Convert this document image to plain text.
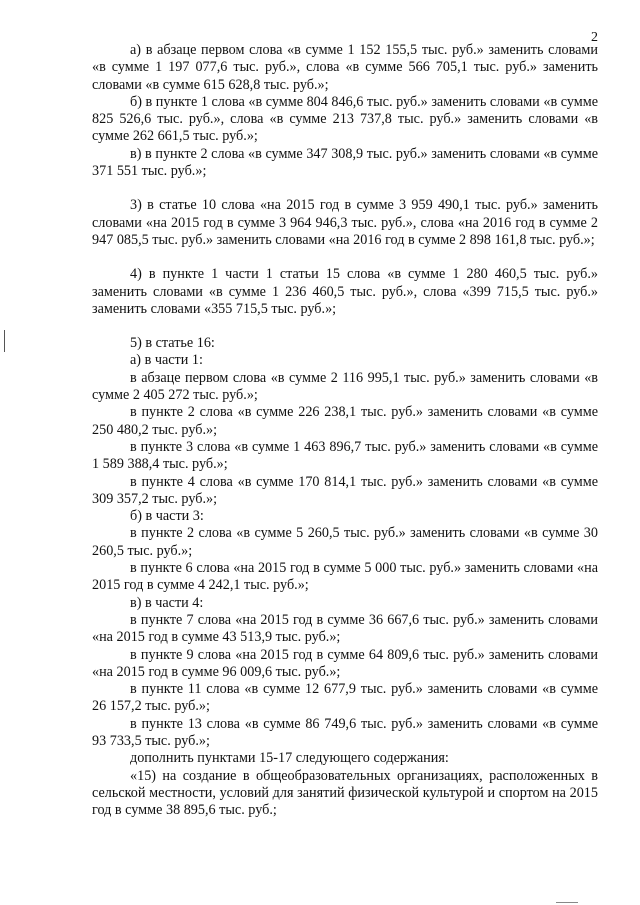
2

а) в абзаце первом слова «в сумме 1 152 155,5 тыс. руб.» заменить словами «в сумме 1 197 077,6 тыс. руб.», слова «в сумме 566 705,1 тыс. руб.» заменить словами «в сумме 615 628,8 тыс. руб.»;

б) в пункте 1 слова «в сумме 804 846,6 тыс. руб.» заменить словами «в сумме 825 526,6 тыс. руб.», слова «в сумме 213 737,8 тыс. руб.» заменить словами «в сумме 262 661,5 тыс. руб.»;

в) в пункте 2 слова «в сумме 347 308,9 тыс. руб.» заменить словами «в сумме 371 551 тыс. руб.»;

3) в статье 10 слова «на 2015 год в сумме 3 959 490,1 тыс. руб.» заменить словами «на 2015 год в сумме 3 964 946,3 тыс. руб.», слова «на 2016 год в сумме 2 947 085,5 тыс. руб.» заменить словами «на 2016 год в сумме 2 898 161,8 тыс. руб.»;

4) в пункте 1 части 1 статьи 15 слова «в сумме 1 280 460,5 тыс. руб.» заменить словами «в сумме 1 236 460,5 тыс. руб.», слова «399 715,5 тыс. руб.» заменить словами «355 715,5 тыс. руб.»;

5) в статье 16:

а) в части 1:

в абзаце первом слова «в сумме 2 116 995,1 тыс. руб.» заменить словами «в сумме 2 405 272 тыс. руб.»;

в пункте 2 слова «в сумме 226 238,1 тыс. руб.» заменить словами «в сумме 250 480,2 тыс. руб.»;

в пункте 3 слова «в сумме 1 463 896,7 тыс. руб.» заменить словами «в сумме 1 589 388,4 тыс. руб.»;

в пункте 4 слова «в сумме 170 814,1 тыс. руб.» заменить словами «в сумме 309 357,2 тыс. руб.»;

б) в части 3:

в пункте 2 слова «в сумме 5 260,5 тыс. руб.» заменить словами «в сумме 30 260,5 тыс. руб.»;

в пункте 6 слова «на 2015 год в сумме 5 000 тыс. руб.» заменить словами «на 2015 год в сумме 4 242,1 тыс. руб.»;

в) в части 4:

в пункте 7 слова «на 2015 год в сумме 36 667,6 тыс. руб.» заменить словами «на 2015 год в сумме 43 513,9 тыс. руб.»;

в пункте 9 слова «на 2015 год в сумме 64 809,6 тыс. руб.» заменить словами «на 2015 год в сумме 96 009,6 тыс. руб.»;

в пункте 11 слова «в сумме 12 677,9 тыс. руб.» заменить словами «в сумме 26 157,2 тыс. руб.»;

в пункте 13 слова «в сумме 86 749,6 тыс. руб.» заменить словами «в сумме 93 733,5 тыс. руб.»;

дополнить пунктами 15-17 следующего содержания:

«15) на создание в общеобразовательных организациях, расположенных в сельской местности, условий для занятий физической культурой и спортом на 2015 год в сумме 38 895,6 тыс. руб.;
